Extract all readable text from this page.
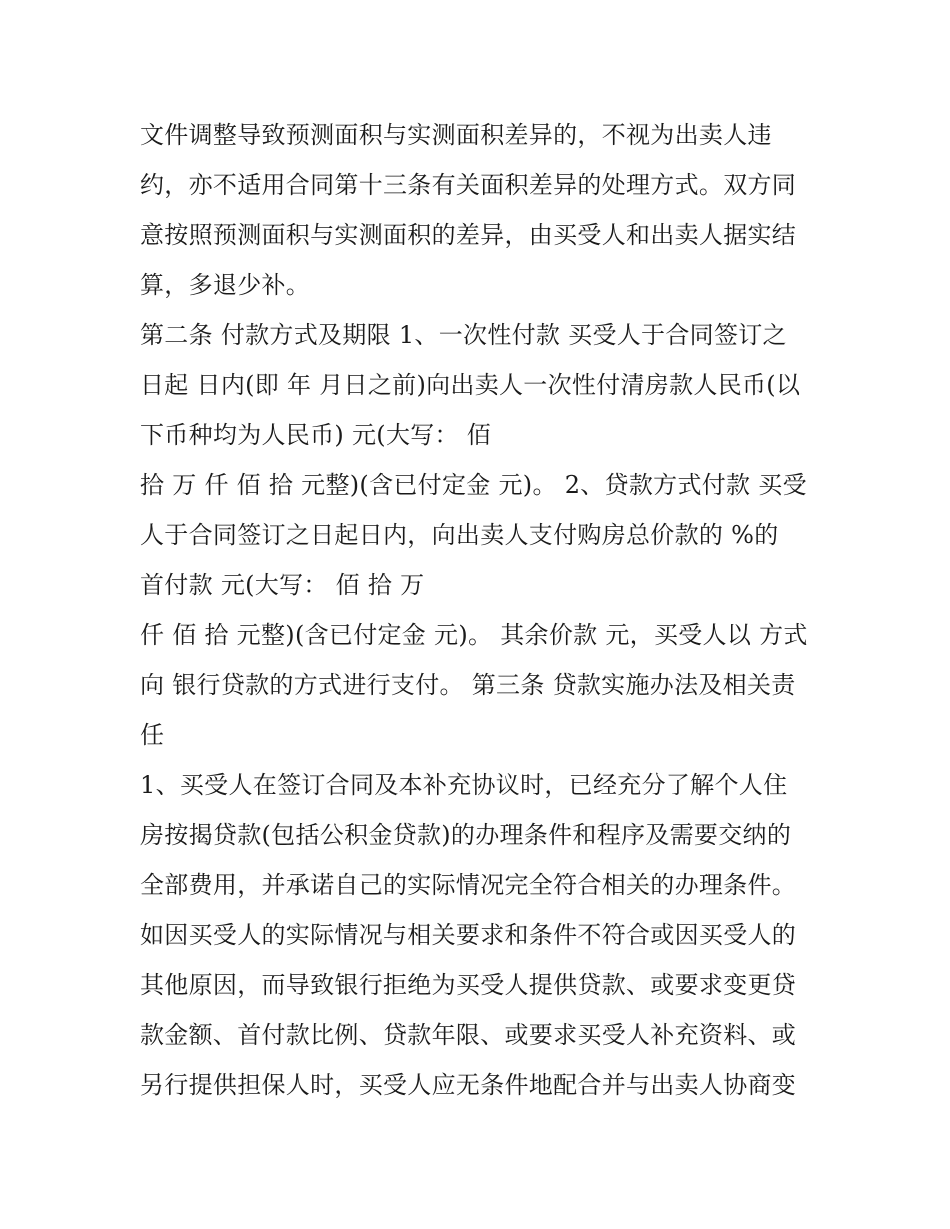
文件调整导致预测面积与实测面积差异的，不视为出卖人违
约，亦不适用合同第十三条有关面积差异的处理方式。双方同
意按照预测面积与实测面积的差异，由买受人和出卖人据实结
算，多退少补。
第二条 付款方式及期限 1、一次性付款 买受人于合同签订之
日起 日内(即 年 月日之前)向出卖人一次性付清房款人民币(以
下币种均为人民币) 元(大写： 佰
拾 万 仟 佰 拾 元整)(含已付定金 元)。 2、贷款方式付款 买受
人于合同签订之日起日内，向出卖人支付购房总价款的 %的
首付款 元(大写： 佰 拾 万
仟 佰 拾 元整)(含已付定金 元)。 其余价款 元，买受人以 方式
向 银行贷款的方式进行支付。 第三条 贷款实施办法及相关责
任
1、买受人在签订合同及本补充协议时，已经充分了解个人住
房按揭贷款(包括公积金贷款)的办理条件和程序及需要交纳的
全部费用，并承诺自己的实际情况完全符合相关的办理条件。
如因买受人的实际情况与相关要求和条件不符合或因买受人的
其他原因，而导致银行拒绝为买受人提供贷款、或要求变更贷
款金额、首付款比例、贷款年限、或要求买受人补充资料、或
另行提供担保人时，买受人应无条件地配合并与出卖人协商变
